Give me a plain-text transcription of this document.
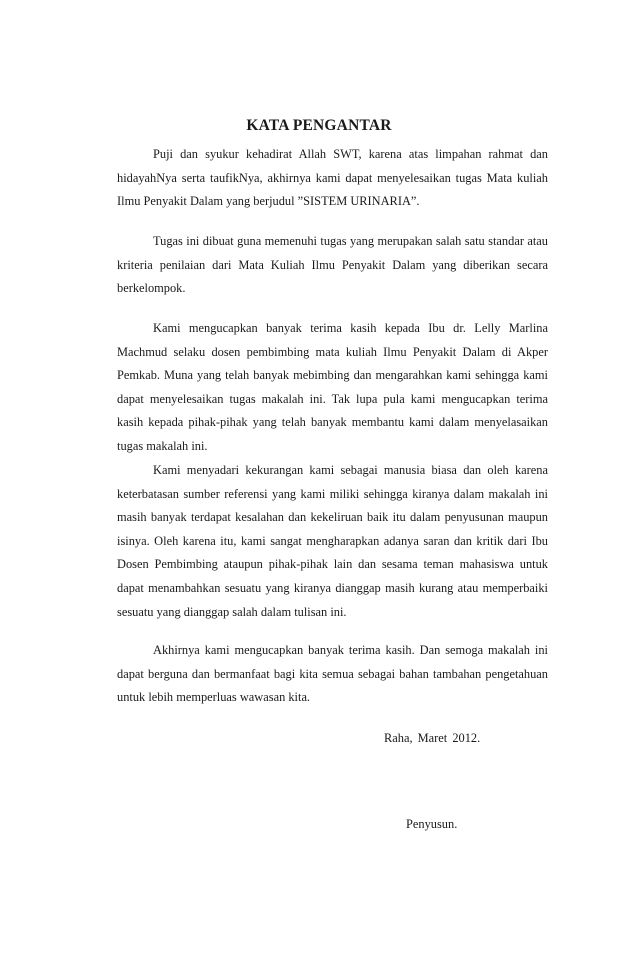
KATA PENGANTAR

Puji dan syukur kehadirat Allah SWT, karena atas limpahan rahmat dan hidayahNya serta taufikNya, akhirnya kami dapat menyelesaikan tugas Mata kuliah Ilmu Penyakit Dalam yang berjudul ”SISTEM URINARIA”.

Tugas ini dibuat guna memenuhi tugas yang merupakan salah satu standar atau kriteria penilaian dari Mata Kuliah Ilmu Penyakit Dalam yang diberikan secara berkelompok.

Kami mengucapkan banyak terima kasih kepada Ibu dr. Lelly Marlina Machmud selaku dosen pembimbing mata kuliah Ilmu Penyakit Dalam di Akper Pemkab. Muna yang telah banyak mebimbing dan mengarahkan kami sehingga kami dapat menyelesaikan tugas makalah ini. Tak lupa pula kami mengucapkan terima kasih kepada pihak-pihak yang telah banyak membantu kami dalam menyelasaikan tugas makalah ini.

Kami menyadari kekurangan kami sebagai manusia biasa dan oleh karena keterbatasan sumber referensi yang kami miliki sehingga kiranya dalam makalah ini masih banyak terdapat kesalahan dan kekeliruan baik itu dalam penyusunan maupun isinya. Oleh karena itu, kami sangat mengharapkan adanya saran dan kritik dari Ibu Dosen Pembimbing ataupun pihak-pihak lain dan sesama teman mahasiswa untuk dapat menambahkan sesuatu yang kiranya dianggap masih kurang atau memperbaiki sesuatu yang dianggap salah dalam tulisan ini.

Akhirnya kami mengucapkan banyak terima kasih. Dan semoga makalah ini dapat berguna dan bermanfaat bagi kita semua sebagai bahan tambahan pengetahuan untuk lebih memperluas wawasan kita.

Raha, Maret 2012.

Penyusun.
